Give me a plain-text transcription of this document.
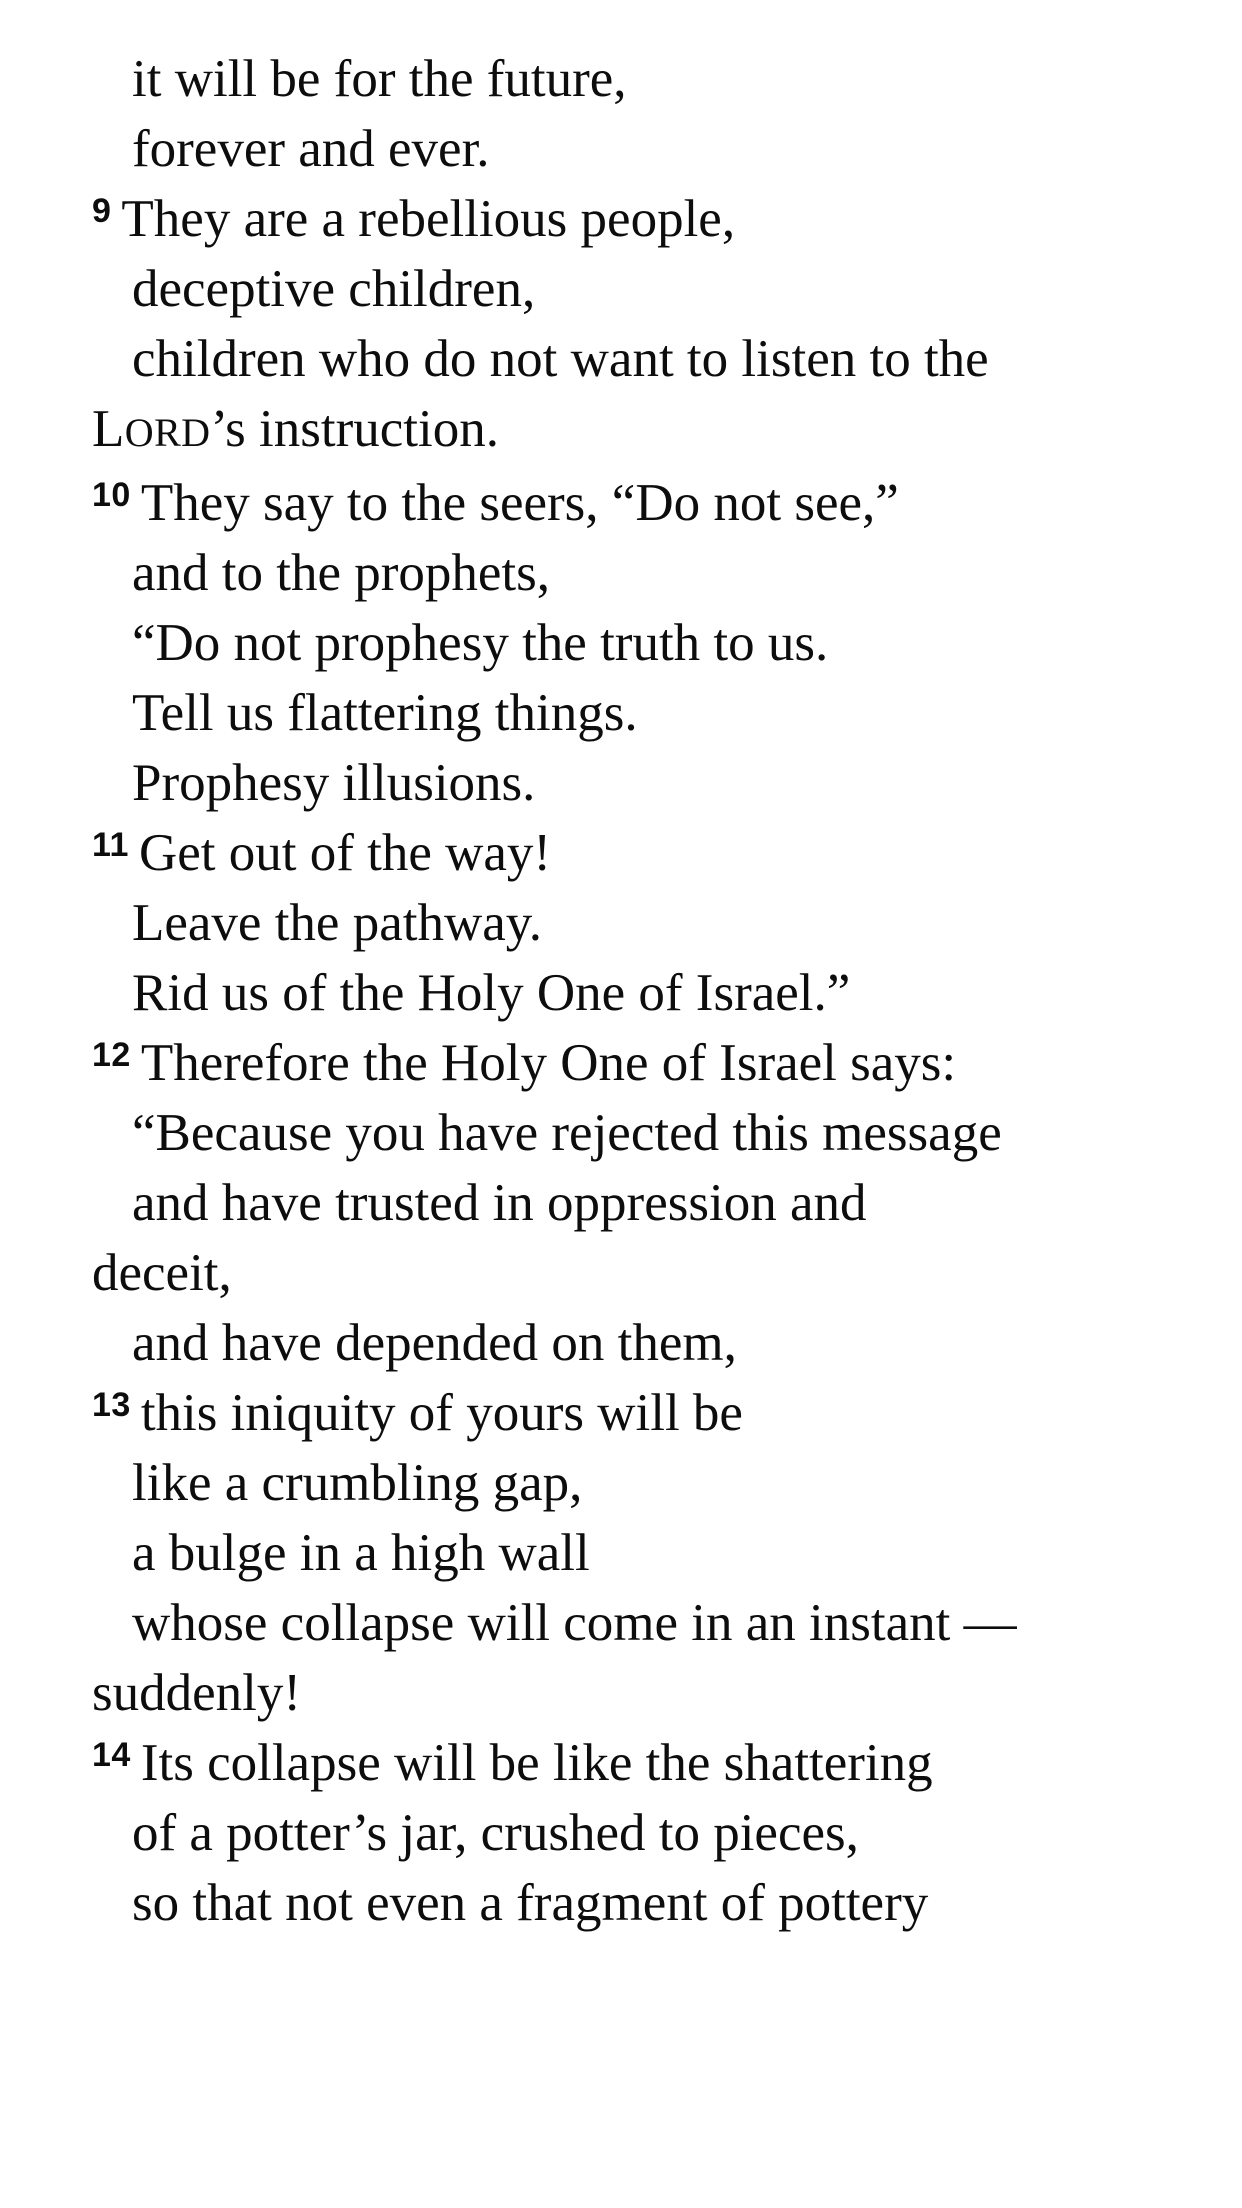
it will be for the future,
forever and ever.
$^9$ They are a rebellious people,
deceptive children,
children who do not want to listen to the
LORD’s instruction.
$^{10}$ They say to the seers, “Do not see,”
and to the prophets,
“Do not prophesy the truth to us.
Tell us flattering things.
Prophesy illusions.
$^{11}$ Get out of the way!
Leave the pathway.
Rid us of the Holy One of Israel.”
$^{12}$ Therefore the Holy One of Israel says:
“Because you have rejected this message
and have trusted in oppression and
deceit,
and have depended on them,
$^{13}$ this iniquity of yours will be
like a crumbling gap,
a bulge in a high wall
whose collapse will come in an instant —
suddenly!
$^{14}$ Its collapse will be like the shattering
of a potter’s jar, crushed to pieces,
so that not even a fragment of pottery
